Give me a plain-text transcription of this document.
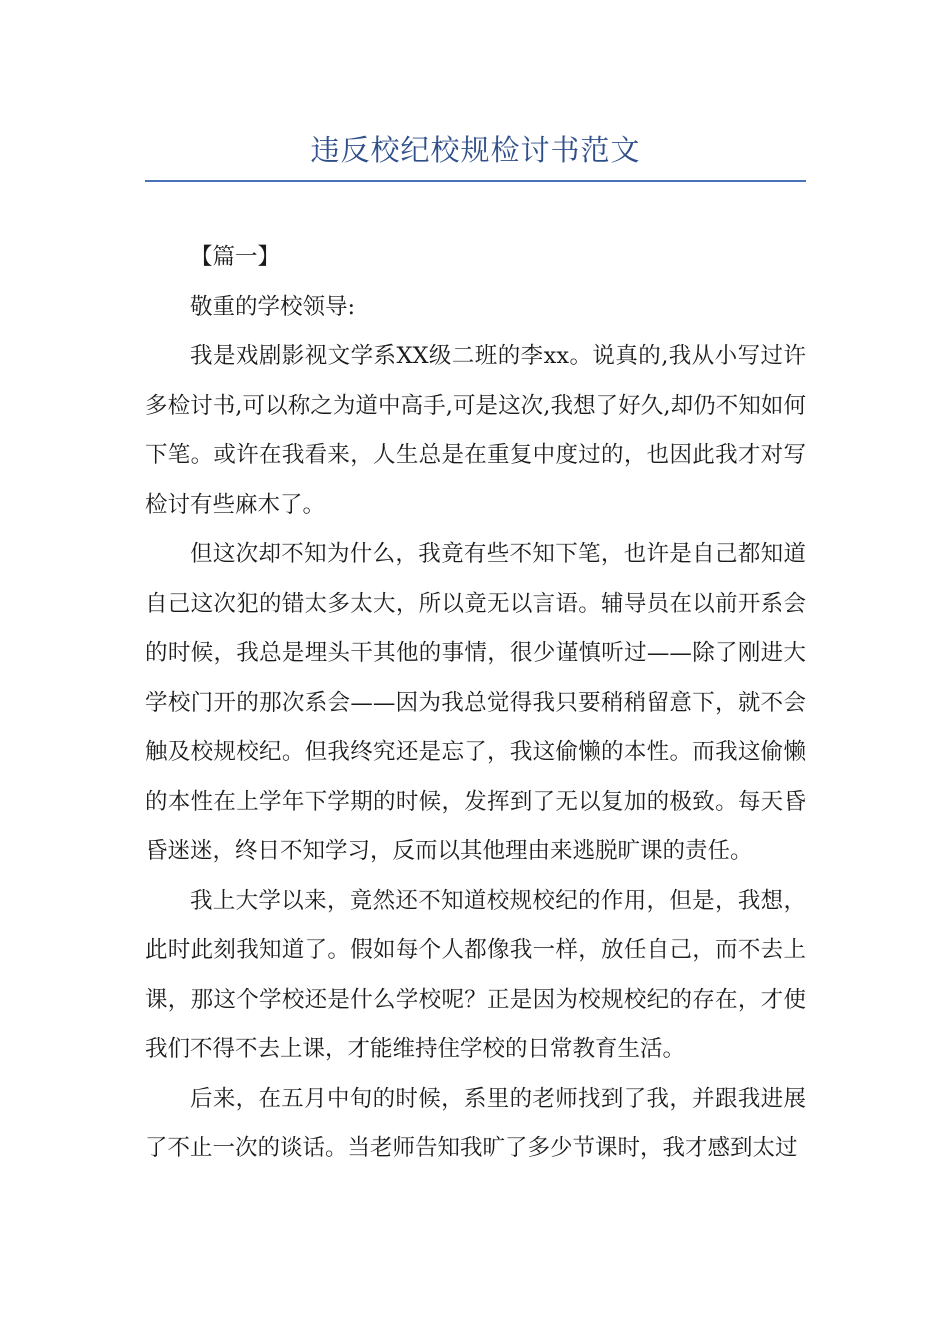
违反校纪校规检讨书范文

【篇一】

敬重的学校领导:

我是戏剧影视文学系XX级二班的李xx。说真的,我从小写过许多检讨书,可以称之为道中高手,可是这次,我想了好久,却仍不知如何下笔。或许在我看来，人生总是在重复中度过的，也因此我才对写检讨有些麻木了。

但这次却不知为什么，我竟有些不知下笔，也许是自己都知道自己这次犯的错太多太大，所以竟无以言语。辅导员在以前开系会的时候，我总是埋头干其他的事情，很少谨慎听过——除了刚进大学校门开的那次系会——因为我总觉得我只要稍稍留意下，就不会触及校规校纪。但我终究还是忘了，我这偷懒的本性。而我这偷懒的本性在上学年下学期的时候，发挥到了无以复加的极致。每天昏昏迷迷，终日不知学习，反而以其他理由来逃脱旷课的责任。

我上大学以来，竟然还不知道校规校纪的作用，但是，我想，此时此刻我知道了。假如每个人都像我一样，放任自己，而不去上课，那这个学校还是什么学校呢？正是因为校规校纪的存在，才使我们不得不去上课，才能维持住学校的日常教育生活。

后来，在五月中旬的时候，系里的老师找到了我，并跟我进展了不止一次的谈话。当老师告知我旷了多少节课时，我才感到太过
